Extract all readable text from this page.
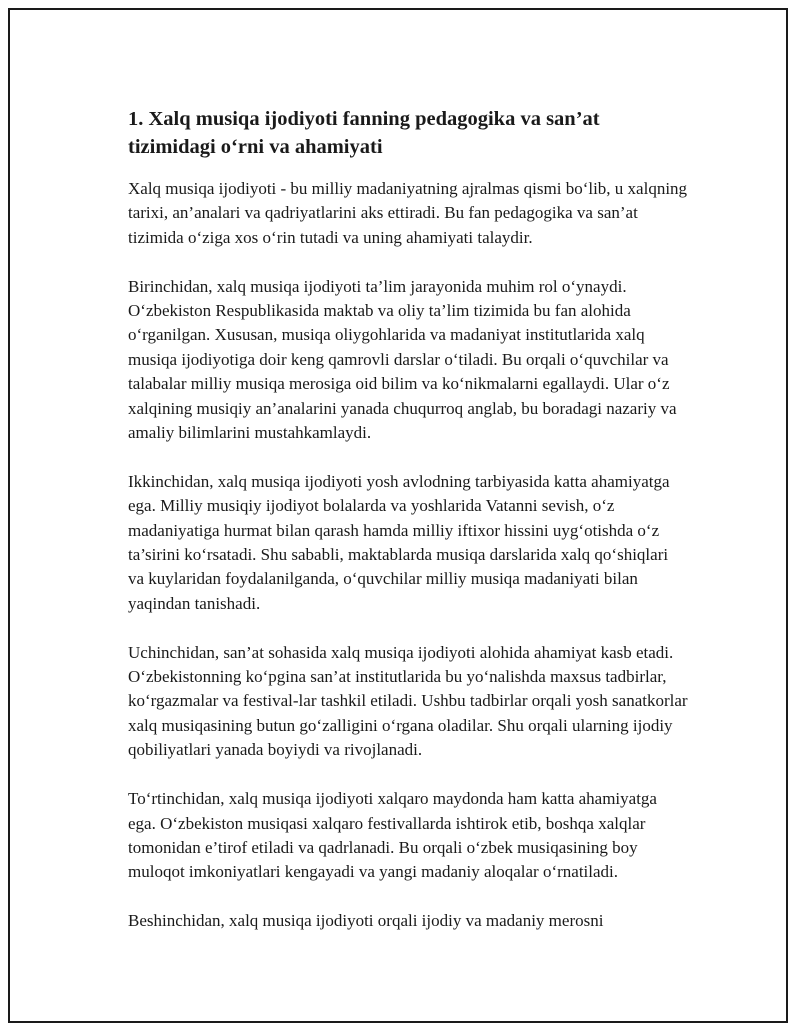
1. Xalq musiqa ijodiyoti fanning pedagogika va san’at tizimidagi o‘rni va ahamiyati

Xalq musiqa ijodiyoti - bu milliy madaniyatning ajralmas qismi bo‘lib, u xalqning tarixi, an’analari va qadriyatlarini aks ettiradi. Bu fan pedagogika va san’at tizimida o‘ziga xos o‘rin tutadi va uning ahamiyati talaydir.

Birinchidan, xalq musiqa ijodiyoti ta’lim jarayonida muhim rol o‘ynaydi. O‘zbekiston Respublikasida maktab va oliy ta’lim tizimida bu fan alohida o‘rganilgan. Xususan, musiqa oliygohlarida va madaniyat institutlarida xalq musiqa ijodiyotiga doir keng qamrovli darslar o‘tiladi. Bu orqali o‘quvchilar va talabalar milliy musiqa merosiga oid bilim va ko‘nikmalarni egallaydi. Ular o‘z xalqining musiqiy an’analarini yanada chuqurroq anglab, bu boradagi nazariy va amaliy bilimlarini mustahkamlaydi.

Ikkinchidan, xalq musiqa ijodiyoti yosh avlodning tarbiyasida katta ahamiyatga ega. Milliy musiqiy ijodiyot bolalarda va yoshlarida Vatanni sevish, o‘z madaniyatiga hurmat bilan qarash hamda milliy iftixor hissini uyg‘otishda o‘z ta’sirini ko‘rsatadi. Shu sababli, maktablarda musiqa darslarida xalq qo‘shiqlari va kuylaridan foydalanilganda, o‘quvchilar milliy musiqa madaniyati bilan yaqindan tanishadi.

Uchinchidan, san’at sohasida xalq musiqa ijodiyoti alohida ahamiyat kasb etadi. O‘zbekistonning ko‘pgina san’at institutlarida bu yo‘nalishda maxsus tadbirlar, ko‘rgazmalar va festival-lar tashkil etiladi. Ushbu tadbirlar orqali yosh sanatkorlar xalq musiqasining butun go‘zalligini o‘rgana oladilar. Shu orqali ularning ijodiy qobiliyatlari yanada boyiydi va rivojlanadi.

To‘rtinchidan, xalq musiqa ijodiyoti xalqaro maydonda ham katta ahamiyatga ega. O‘zbekiston musiqasi xalqaro festivallarda ishtirok etib, boshqa xalqlar tomonidan e’tirof etiladi va qadrlanadi. Bu orqali o‘zbek musiqasining boy muloqot imkoniyatlari kengayadi va yangi madaniy aloqalar o‘rnatiladi.

Beshinchidan, xalq musiqa ijodiyoti orqali ijodiy va madaniy merosni
